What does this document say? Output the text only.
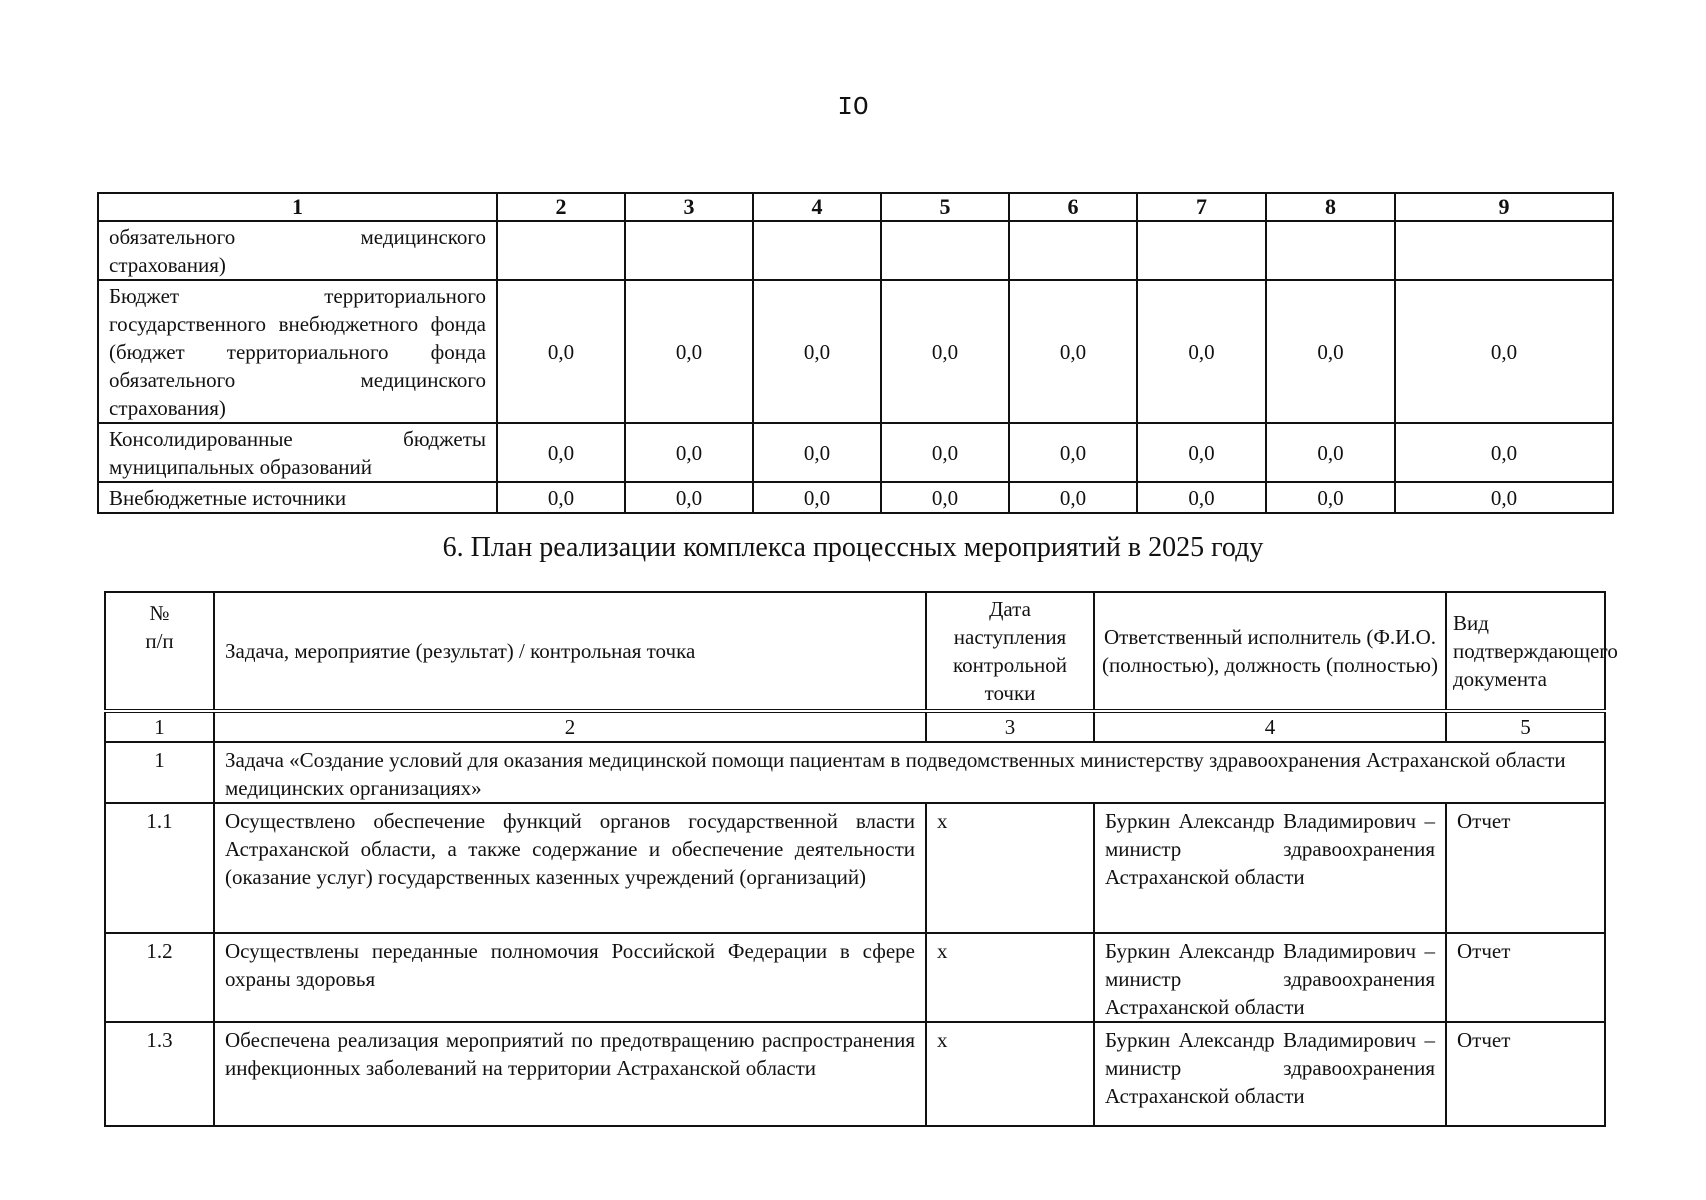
IO
1	2	3	4	5	6	7	8	9
обязательного медицинского страхования)								
Бюджет территориального государственного внебюджетного фонда (бюджет территориального фонда обязательного медицинского страхования)	0,0	0,0	0,0	0,0	0,0	0,0	0,0	0,0
Консолидированные бюджеты муниципальных образований	0,0	0,0	0,0	0,0	0,0	0,0	0,0	0,0
Внебюджетные источники	0,0	0,0	0,0	0,0	0,0	0,0	0,0	0,0
6. План реализации комплекса процессных мероприятий в 2025 году
№
п/п	Задача, мероприятие (результат) / контрольная точка	Дата наступления контрольной точки	Ответственный исполнитель (Ф.И.О. (полностью), должность (полностью)	Вид подтверждающего документа
1	2	3	4	5
1	Задача «Создание условий для оказания медицинской помощи пациентам в подведомственных министерству здравоохранения Астраханской области медицинских организациях»			
1.1	Осуществлено обеспечение функций органов государственной власти Астраханской области, а также содержание и обеспечение деятельности (оказание услуг) государственных казенных учреждений (организаций)	х	Буркин Александр Владимирович – министр здравоохранения Астраханской области	Отчет
1.2	Осуществлены переданные полномочия Российской Федерации в сфере охраны здоровья	х	Буркин Александр Владимирович – министр здравоохранения Астраханской области	Отчет
1.3	Обеспечена реализация мероприятий по предотвращению распространения инфекционных заболеваний на территории Астраханской области	х	Буркин Александр Владимирович – министр здравоохранения Астраханской области	Отчет
